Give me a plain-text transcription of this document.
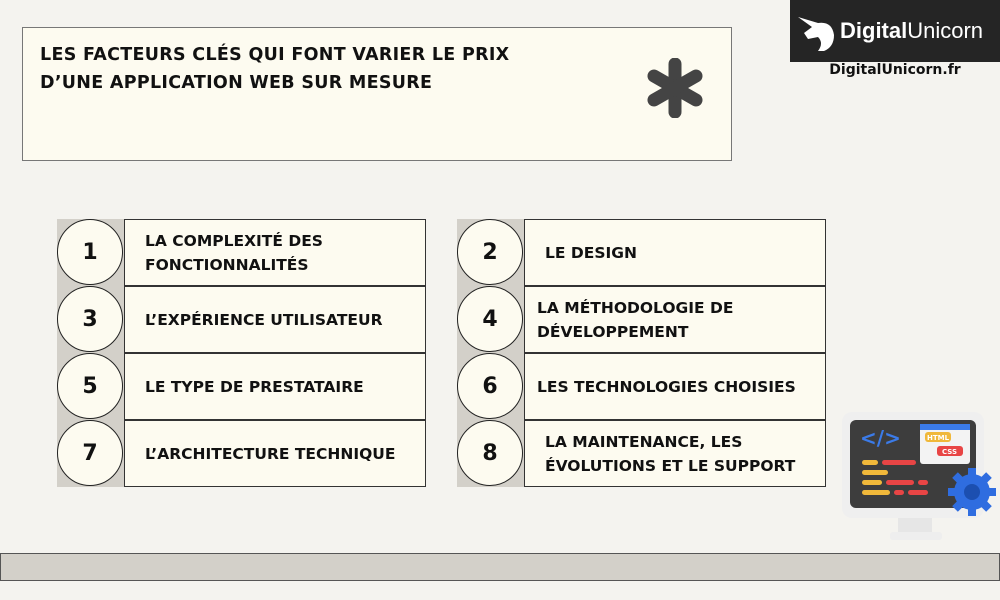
LES FACTEURS CLÉS QUI FONT VARIER LE PRIX D’UNE APPLICATION WEB SUR MESURE
DigitalUnicorn
DigitalUnicorn.fr
1	LA COMPLEXITÉ DES FONCTIONNALITÉS
3	L’EXPÉRIENCE UTILISATEUR
5	LE TYPE DE PRESTATAIRE
7	L’ARCHITECTURE TECHNIQUE
2	LE DESIGN
4	LA MÉTHODOLOGIE DE DÉVELOPPEMENT
6	LES TECHNOLOGIES CHOISIES
8	LA MAINTENANCE, LES ÉVOLUTIONS ET LE SUPPORT
</>	HTML
CSS
